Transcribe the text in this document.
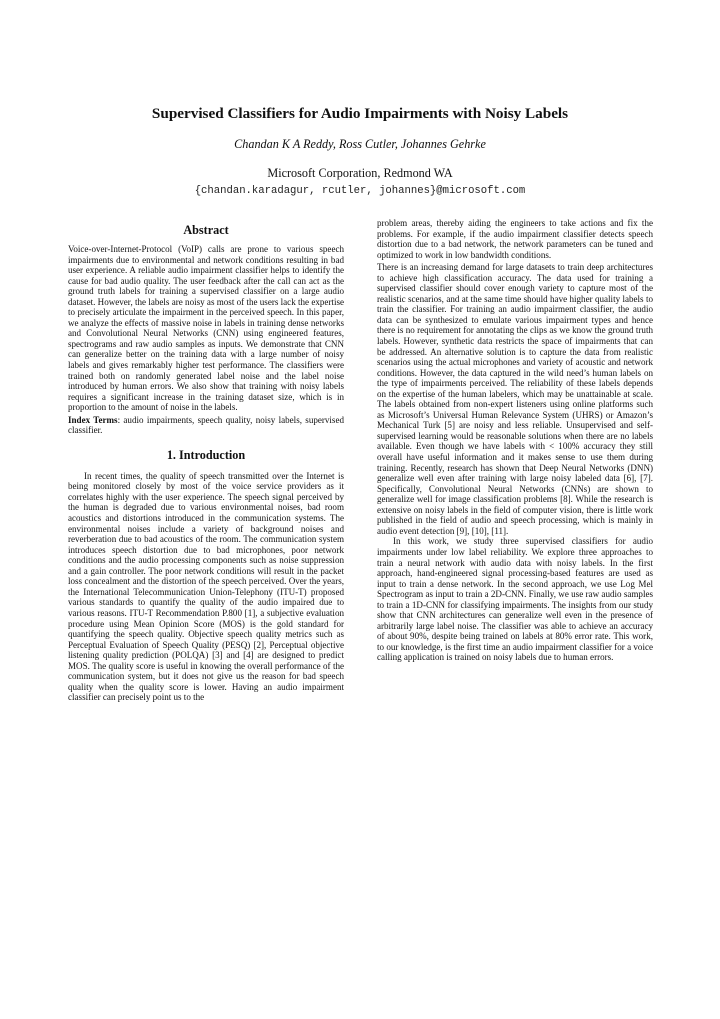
Supervised Classifiers for Audio Impairments with Noisy Labels
Chandan K A Reddy, Ross Cutler, Johannes Gehrke
Microsoft Corporation, Redmond WA
{chandan.karadagur, rcutler, johannes}@microsoft.com
Abstract

Voice-over-Internet-Protocol (VoIP) calls are prone to various speech impairments due to environmental and network conditions resulting in bad user experience. A reliable audio impairment classifier helps to identify the cause for bad audio quality. The user feedback after the call can act as the ground truth labels for training a supervised classifier on a large audio dataset. However, the labels are noisy as most of the users lack the expertise to precisely articulate the impairment in the perceived speech. In this paper, we analyze the effects of massive noise in labels in training dense networks and Convolutional Neural Networks (CNN) using engineered features, spectrograms and raw audio samples as inputs. We demonstrate that CNN can generalize better on the training data with a large number of noisy labels and gives remarkably higher test performance. The classifiers were trained both on randomly generated label noise and the label noise introduced by human errors. We also show that training with noisy labels requires a significant increase in the training dataset size, which is in proportion to the amount of noise in the labels.

Index Terms: audio impairments, speech quality, noisy labels, supervised classifier.

1. Introduction

In recent times, the quality of speech transmitted over the Internet is being monitored closely by most of the voice service providers as it correlates highly with the user experience. The speech signal perceived by the human is degraded due to various environmental noises, bad room acoustics and distortions introduced in the communication systems. The environmental noises include a variety of background noises and reverberation due to bad acoustics of the room. The communication system introduces speech distortion due to bad microphones, poor network conditions and the audio processing components such as noise suppression and a gain controller. The poor network conditions will result in the packet loss concealment and the distortion of the speech perceived. Over the years, the International Telecommunication Union-Telephony (ITU-T) proposed various standards to quantify the quality of the audio impaired due to various reasons. ITU-T Recommendation P.800 [1], a subjective evaluation procedure using Mean Opinion Score (MOS) is the gold standard for quantifying the speech quality. Objective speech quality metrics such as Perceptual Evaluation of Speech Quality (PESQ) [2], Perceptual objective listening quality prediction (POLQA) [3] and [4] are designed to predict MOS. The quality score is useful in knowing the overall performance of the communication system, but it does not give us the reason for bad speech quality when the quality score is lower. Having an audio impairment classifier can precisely point us to the

problem areas, thereby aiding the engineers to take actions and fix the problems. For example, if the audio impairment classifier detects speech distortion due to a bad network, the network parameters can be tuned and optimized to work in low bandwidth conditions.

There is an increasing demand for large datasets to train deep architectures to achieve high classification accuracy. The data used for training a supervised classifier should cover enough variety to capture most of the realistic scenarios, and at the same time should have higher quality labels to train the classifier. For training an audio impairment classifier, the audio data can be synthesized to emulate various impairment types and hence there is no requirement for annotating the clips as we know the ground truth labels. However, synthetic data restricts the space of impairments that can be addressed. An alternative solution is to capture the data from realistic scenarios using the actual microphones and variety of acoustic and network conditions. However, the data captured in the wild need’s human labels on the type of impairments perceived. The reliability of these labels depends on the expertise of the human labelers, which may be unattainable at scale. The labels obtained from non-expert listeners using online platforms such as Microsoft’s Universal Human Relevance System (UHRS) or Amazon’s Mechanical Turk [5] are noisy and less reliable. Unsupervised and self-supervised learning would be reasonable solutions when there are no labels available. Even though we have labels with < 100% accuracy they still overall have useful information and it makes sense to use them during training. Recently, research has shown that Deep Neural Networks (DNN) generalize well even after training with large noisy labeled data [6], [7]. Specifically, Convolutional Neural Networks (CNNs) are shown to generalize well for image classification problems [8]. While the research is extensive on noisy labels in the field of computer vision, there is little work published in the field of audio and speech processing, which is mainly in audio event detection [9], [10], [11].

In this work, we study three supervised classifiers for audio impairments under low label reliability. We explore three approaches to train a neural network with audio data with noisy labels. In the first approach, hand-engineered signal processing-based features are used as input to train a dense network. In the second approach, we use Log Mel Spectrogram as input to train a 2D-CNN. Finally, we use raw audio samples to train a 1D-CNN for classifying impairments. The insights from our study show that CNN architectures can generalize well even in the presence of arbitrarily large label noise. The classifier was able to achieve an accuracy of about 90%, despite being trained on labels at 80% error rate. This work, to our knowledge, is the first time an audio impairment classifier for a voice calling application is trained on noisy labels due to human errors.
